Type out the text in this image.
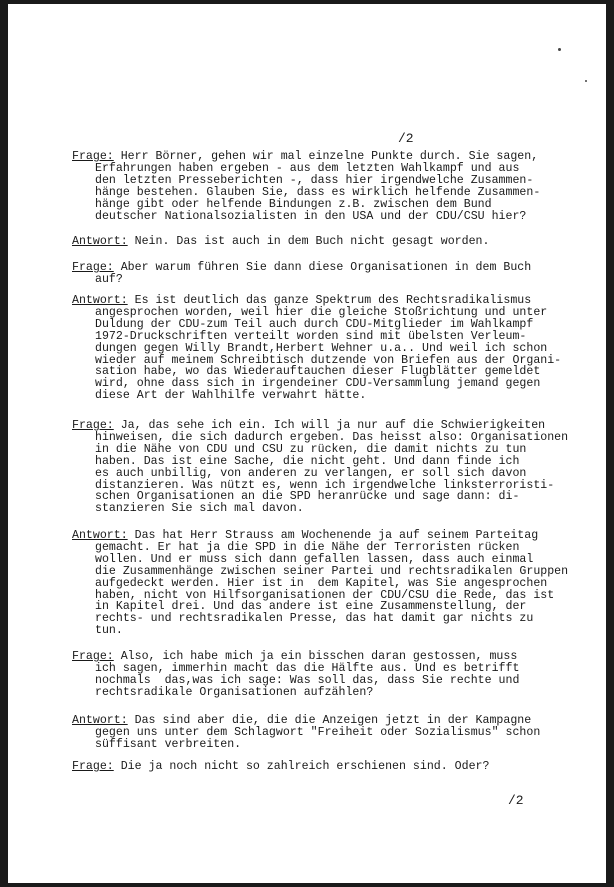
/2
Frage: Herr Börner, gehen wir mal einzelne Punkte durch. Sie sagen,
Erfahrungen haben ergeben - aus dem letzten Wahlkampf und aus
den letzten Presseberichten -, dass hier irgendwelche Zusammen-
hänge bestehen. Glauben Sie, dass es wirklich helfende Zusammen-
hänge gibt oder helfende Bindungen z.B. zwischen dem Bund
deutscher Nationalsozialisten in den USA und der CDU/CSU hier?
Antwort: Nein. Das ist auch in dem Buch nicht gesagt worden.
Frage: Aber warum führen Sie dann diese Organisationen in dem Buch
auf?
Antwort: Es ist deutlich das ganze Spektrum des Rechtsradikalismus
angesprochen worden, weil hier die gleiche Stoßrichtung und unter
Duldung der CDU-zum Teil auch durch CDU-Mitglieder im Wahlkampf
1972-Druckschriften verteilt worden sind mit übelsten Verleum-
dungen gegen Willy Brandt,Herbert Wehner u.a.. Und weil ich schon
wieder auf meinem Schreibtisch dutzende von Briefen aus der Organi-
sation habe, wo das Wiederauftauchen dieser Flugblätter gemeldet
wird, ohne dass sich in irgendeiner CDU-Versammlung jemand gegen
diese Art der Wahlhilfe verwahrt hätte.
Frage: Ja, das sehe ich ein. Ich will ja nur auf die Schwierigkeiten
hinweisen, die sich dadurch ergeben. Das heisst also: Organisationen
in die Nähe von CDU und CSU zu rücken, die damit nichts zu tun
haben. Das ist eine Sache, die nicht geht. Und dann finde ich
es auch unbillig, von anderen zu verlangen, er soll sich davon
distanzieren. Was nützt es, wenn ich irgendwelche linksterroristi-
schen Organisationen an die SPD heranrücke und sage dann: di-
stanzieren Sie sich mal davon.
Antwort: Das hat Herr Strauss am Wochenende ja auf seinem Parteitag
gemacht. Er hat ja die SPD in die Nähe der Terroristen rücken
wollen. Und er muss sich dann gefallen lassen, dass auch einmal
die Zusammenhänge zwischen seiner Partei und rechtsradikalen Gruppen
aufgedeckt werden. Hier ist in  dem Kapitel, was Sie angesprochen
haben, nicht von Hilfsorganisationen der CDU/CSU die Rede, das ist
in Kapitel drei. Und das andere ist eine Zusammenstellung, der
rechts- und rechtsradikalen Presse, das hat damit gar nichts zu
tun.
Frage: Also, ich habe mich ja ein bisschen daran gestossen, muss
ich sagen, immerhin macht das die Hälfte aus. Und es betrifft
nochmals  das,was ich sage: Was soll das, dass Sie rechte und
rechtsradikale Organisationen aufzählen?
Antwort: Das sind aber die, die die Anzeigen jetzt in der Kampagne
gegen uns unter dem Schlagwort "Freiheit oder Sozialismus" schon
süffisant verbreiten.
Frage: Die ja noch nicht so zahlreich erschienen sind. Oder?
/2
